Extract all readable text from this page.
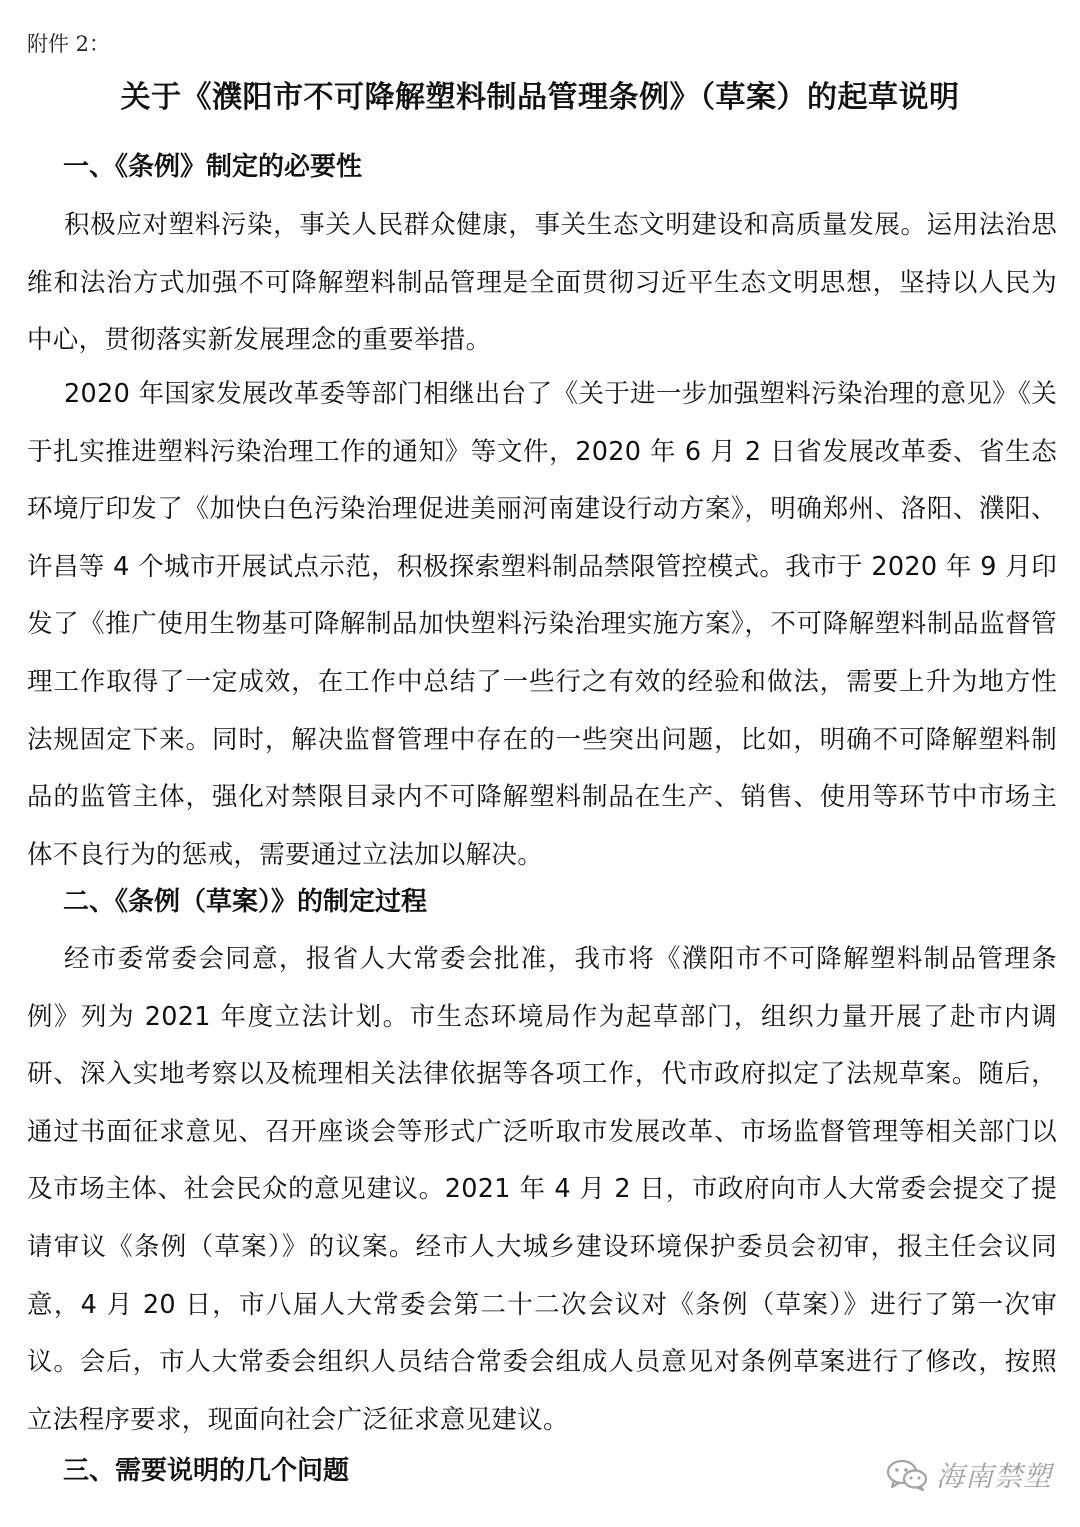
附件 2：
关于《濮阳市不可降解塑料制品管理条例》（草案）的起草说明
一、《条例》制定的必要性
积极应对塑料污染，事关人民群众健康，事关生态文明建设和高质量发展。运用法治思维和法治方式加强不可降解塑料制品管理是全面贯彻习近平生态文明思想，坚持以人民为中心，贯彻落实新发展理念的重要举措。
2020 年国家发展改革委等部门相继出台了《关于进一步加强塑料污染治理的意见》《关于扎实推进塑料污染治理工作的通知》等文件，2020 年 6 月 2 日省发展改革委、省生态环境厅印发了《加快白色污染治理促进美丽河南建设行动方案》，明确郑州、洛阳、濮阳、许昌等 4 个城市开展试点示范，积极探索塑料制品禁限管控模式。我市于 2020 年 9 月印发了《推广使用生物基可降解制品加快塑料污染治理实施方案》，不可降解塑料制品监督管理工作取得了一定成效，在工作中总结了一些行之有效的经验和做法，需要上升为地方性法规固定下来。同时，解决监督管理中存在的一些突出问题，比如，明确不可降解塑料制品的监管主体，强化对禁限目录内不可降解塑料制品在生产、销售、使用等环节中市场主体不良行为的惩戒，需要通过立法加以解决。
二、《条例（草案）》的制定过程
经市委常委会同意，报省人大常委会批准，我市将《濮阳市不可降解塑料制品管理条例》列为 2021 年度立法计划。市生态环境局作为起草部门，组织力量开展了赴市内调研、深入实地考察以及梳理相关法律依据等各项工作，代市政府拟定了法规草案。随后，通过书面征求意见、召开座谈会等形式广泛听取市发展改革、市场监督管理等相关部门以及市场主体、社会民众的意见建议。2021 年 4 月 2 日，市政府向市人大常委会提交了提请审议《条例（草案）》的议案。经市人大城乡建设环境保护委员会初审，报主任会议同意，4 月 20 日，市八届人大常委会第二十二次会议对《条例（草案）》进行了第一次审议。会后，市人大常委会组织人员结合常委会组成人员意见对条例草案进行了修改，按照立法程序要求，现面向社会广泛征求意见建议。
三、需要说明的几个问题	海南禁塑
